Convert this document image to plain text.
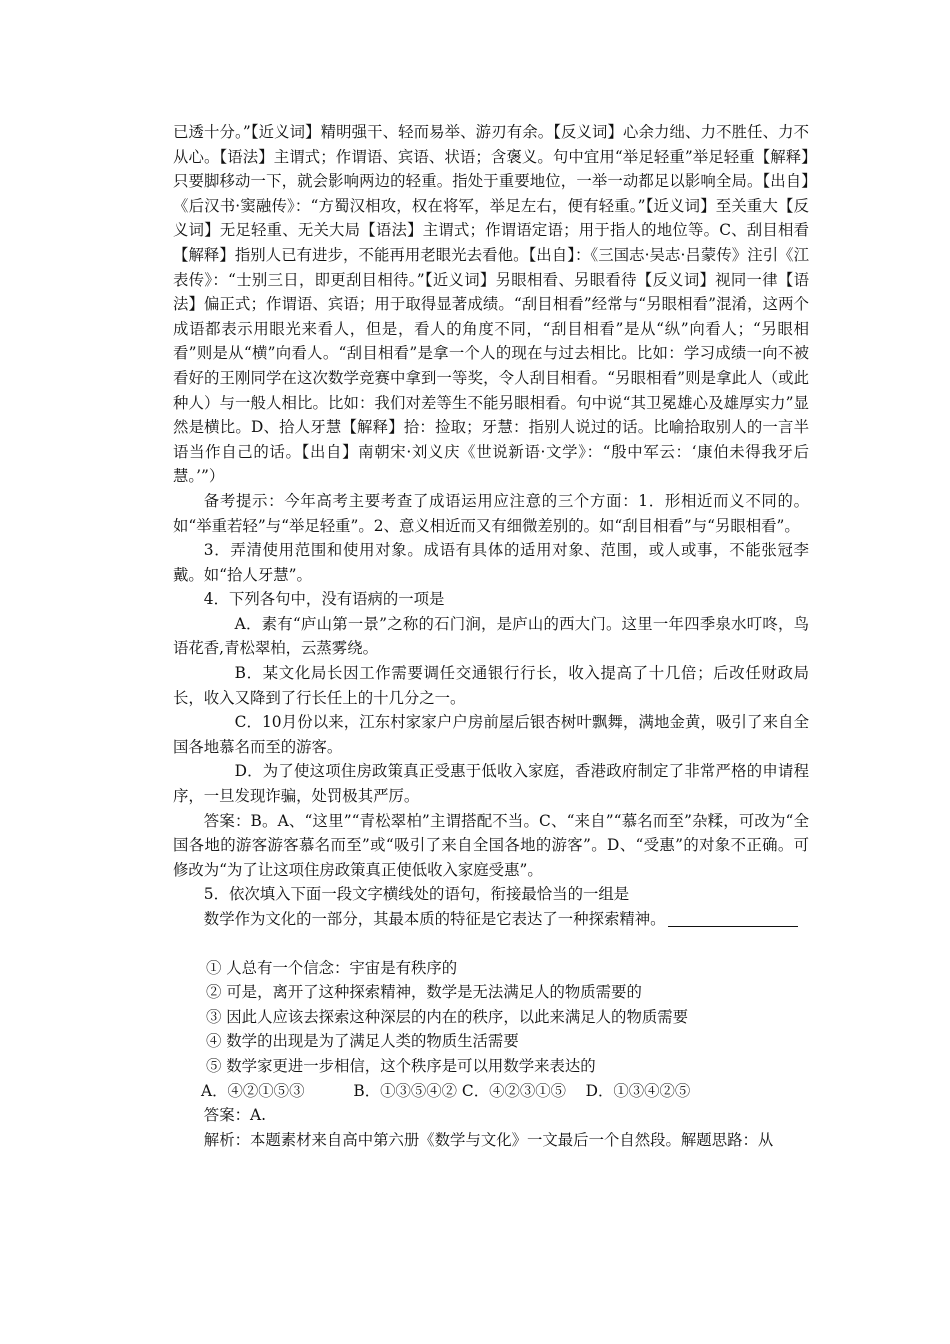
已透十分。”【近义词】精明强干、轻而易举、游刃有余。【反义词】心余力绌、力不胜任、力不从心。【语法】主谓式；作谓语、宾语、状语；含褒义。句中宜用“举足轻重”举足轻重【解释】只要脚移动一下，就会影响两边的轻重。指处于重要地位，一举一动都足以影响全局。【出自】《后汉书·窦融传》：“方蜀汉相攻，权在将军，举足左右，便有轻重。”【近义词】至关重大【反义词】无足轻重、无关大局【语法】主谓式；作谓语定语；用于指人的地位等。C、刮目相看【解释】指别人已有进步，不能再用老眼光去看他。【出自】：《三国志·吴志·吕蒙传》注引《江表传》：“士别三日，即更刮目相待。”【近义词】另眼相看、另眼看待【反义词】视同一律【语法】偏正式；作谓语、宾语；用于取得显著成绩。“刮目相看”经常与“另眼相看”混淆，这两个成语都表示用眼光来看人，但是，看人的角度不同，“刮目相看”是从“纵”向看人；“另眼相看”则是从“横”向看人。“刮目相看”是拿一个人的现在与过去相比。比如：学习成绩一向不被看好的王刚同学在这次数学竞赛中拿到一等奖，令人刮目相看。“另眼相看”则是拿此人（或此种人）与一般人相比。比如：我们对差等生不能另眼相看。句中说“其卫冕雄心及雄厚实力”显然是横比。D、拾人牙慧【解释】拾：捡取；牙慧：指别人说过的话。比喻拾取别人的一言半语当作自己的话。【出自】南朝宋·刘义庆《世说新语·文学》：“殷中军云：‘康伯未得我牙后慧。’”）

备考提示：今年高考主要考查了成语运用应注意的三个方面：1．形相近而义不同的。如“举重若轻”与“举足轻重”。2、意义相近而又有细微差别的。如“刮目相看”与“另眼相看”。

3．弄清使用范围和使用对象。成语有具体的适用对象、范围，或人或事，不能张冠李戴。如“拾人牙慧”。

4．下列各句中，没有语病的一项是

A．素有“庐山第一景”之称的石门涧，是庐山的西大门。这里一年四季泉水叮咚，鸟语花香,青松翠柏，云蒸雾绕。

B．某文化局长因工作需要调任交通银行行长，收入提高了十几倍；后改任财政局长，收入又降到了行长任上的十几分之一。

C．10月份以来，江东村家家户户房前屋后银杏树叶飘舞，满地金黄，吸引了来自全国各地慕名而至的游客。

D．为了使这项住房政策真正受惠于低收入家庭，香港政府制定了非常严格的申请程序，一旦发现诈骗，处罚极其严厉。

答案：B。A、“这里”“青松翠柏”主谓搭配不当。C、“来自”“慕名而至”杂糅，可改为“全国各地的游客游客慕名而至”或“吸引了来自全国各地的游客”。D、“受惠”的对象不正确。可修改为“为了让这项住房政策真正使低收入家庭受惠”。

5．依次填入下面一段文字横线处的语句，衔接最恰当的一组是

数学作为文化的一部分，其最本质的特征是它表达了一种探索精神。

① 人总有一个信念：宇宙是有秩序的

② 可是，离开了这种探索精神，数学是无法满足人的物质需要的

③ 因此人应该去探索这种深层的内在的秩序，以此来满足人的物质需要

④ 数学的出现是为了满足人类的物质生活需要

⑤ 数学家更进一步相信，这个秩序是可以用数学来表达的

A．④②①⑤③          B．①③⑤④② C．④②③①⑤    D．①③④②⑤

答案：A.

解析：本题素材来自高中第六册《数学与文化》一文最后一个自然段。解题思路：从
